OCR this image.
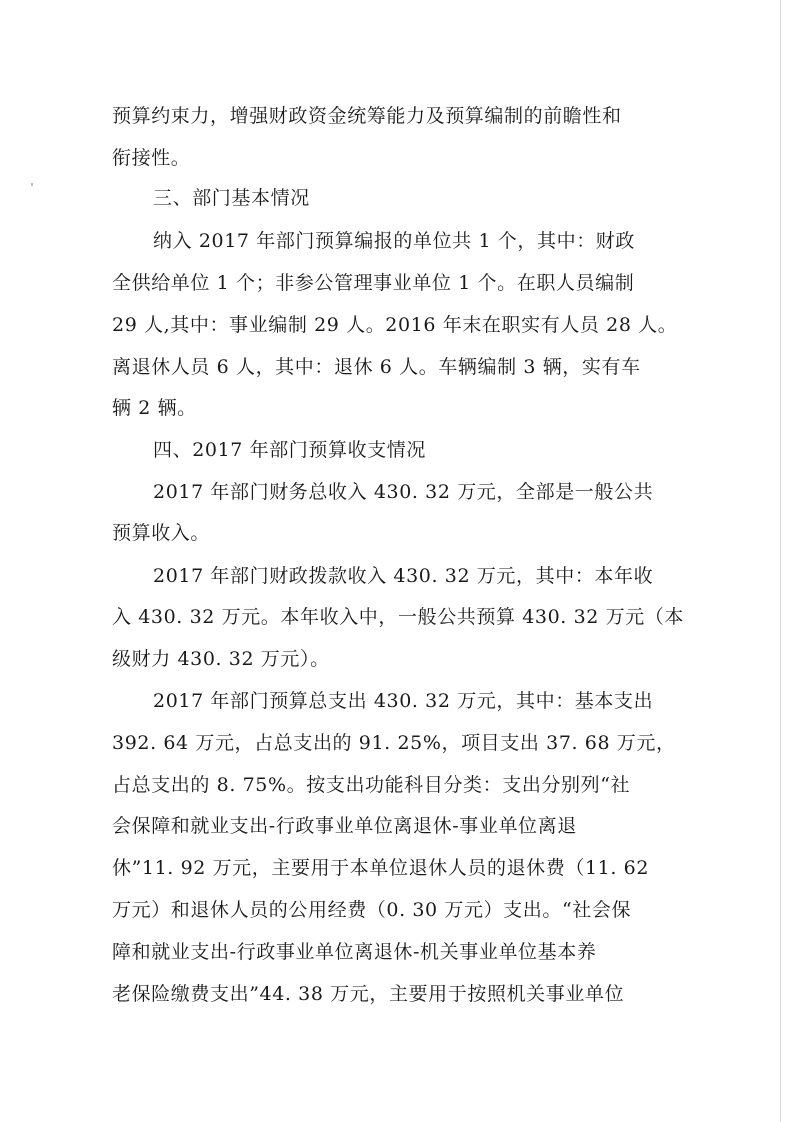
预算约束力，增强财政资金统筹能力及预算编制的前瞻性和
衔接性。
三、部门基本情况
纳入 2017 年部门预算编报的单位共 1 个，其中：财政
全供给单位 1 个；非参公管理事业单位 1 个。在职人员编制
29 人,其中：事业编制 29 人。2016 年末在职实有人员 28 人。
离退休人员 6 人，其中：退休 6 人。车辆编制 3 辆，实有车
辆 2 辆。
四、2017 年部门预算收支情况
2017 年部门财务总收入 430. 32 万元，全部是一般公共
预算收入。
2017 年部门财政拨款收入 430. 32 万元，其中：本年收
入 430. 32 万元。本年收入中，一般公共预算 430. 32 万元（本
级财力 430. 32 万元）。
2017 年部门预算总支出 430. 32 万元，其中：基本支出
392. 64 万元，占总支出的 91. 25%，项目支出 37. 68 万元，
占总支出的 8. 75%。按支出功能科目分类：支出分别列“社
会保障和就业支出-行政事业单位离退休-事业单位离退
休”11. 92 万元，主要用于本单位退休人员的退休费（11. 62
万元）和退休人员的公用经费（0. 30 万元）支出。“社会保
障和就业支出-行政事业单位离退休-机关事业单位基本养
老保险缴费支出”44. 38 万元，主要用于按照机关事业单位
